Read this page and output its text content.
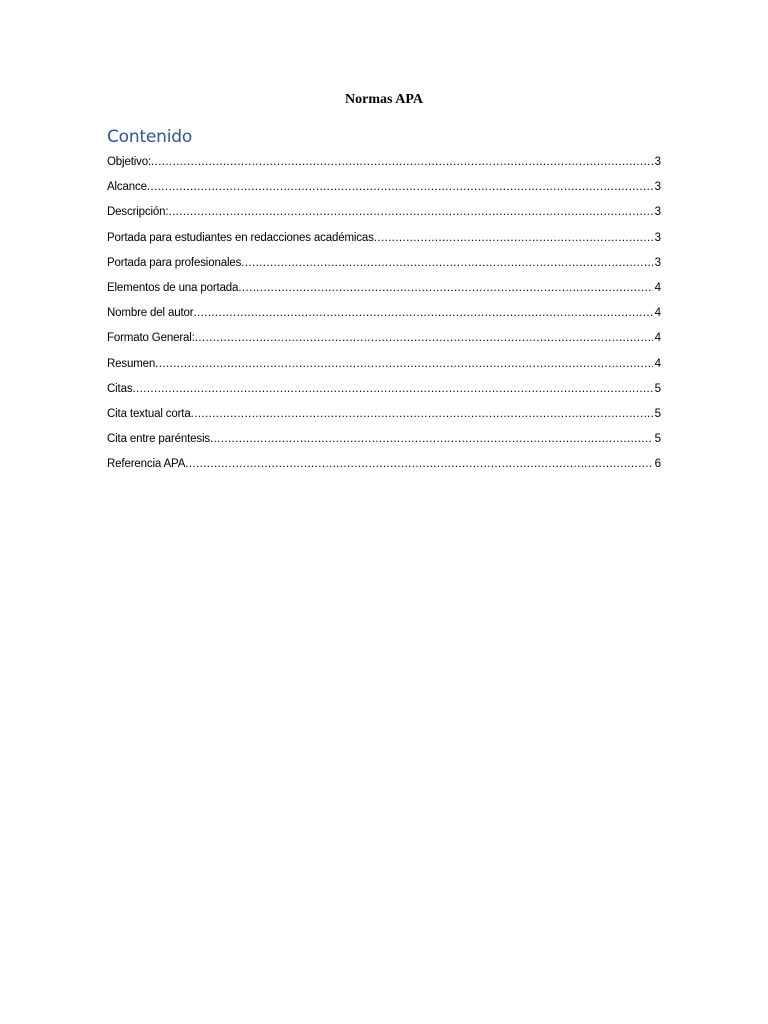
Normas APA
Contenido
Objetivo: .....	3
Alcance .....	3
Descripción: .....	3
Portada para estudiantes en redacciones académicas .....	3
Portada para profesionales .....	3
Elementos de una portada .....	4
Nombre del autor .....	4
Formato General: .....	4
Resumen .....	4
Citas .....	5
Cita textual corta .....	5
Cita entre paréntesis .....	5
Referencia APA .....	6
